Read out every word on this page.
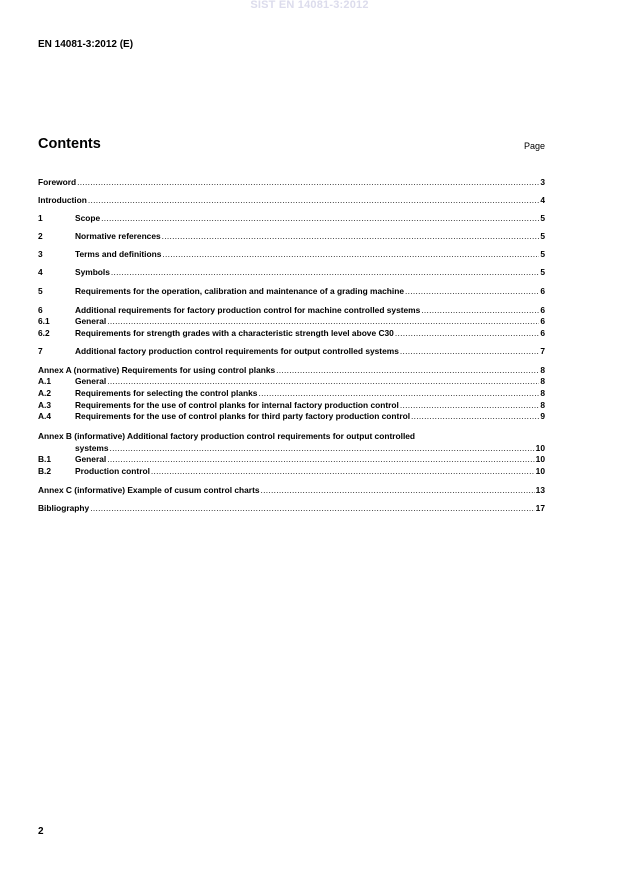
SIST EN 14081-3:2012
EN 14081-3:2012 (E)
Contents	Page
Foreword .....	3
Introduction .....	4
1	Scope .....	5
2	Normative references .....	5
3	Terms and definitions .....	5
4	Symbols .....	5
5	Requirements for the operation, calibration and maintenance of a grading machine .....	6
6	Additional requirements for factory production control for machine controlled systems .....	6
6.1	General .....	6
6.2	Requirements for strength grades with a characteristic strength level above C30 .....	6
7	Additional factory production control requirements for output controlled systems .....	7
Annex A (normative) Requirements for using control planks .....	8
A.1	General .....	8
A.2	Requirements for selecting the control planks .....	8
A.3	Requirements for the use of control planks for internal factory production control .....	8
A.4	Requirements for the use of control planks for third party factory production control .....	9
Annex B (informative) Additional factory production control requirements for output controlled
systems .....	10
B.1	General .....	10
B.2	Production control .....	10
Annex C (informative) Example of cusum control charts .....	13
Bibliography .....	17
2
